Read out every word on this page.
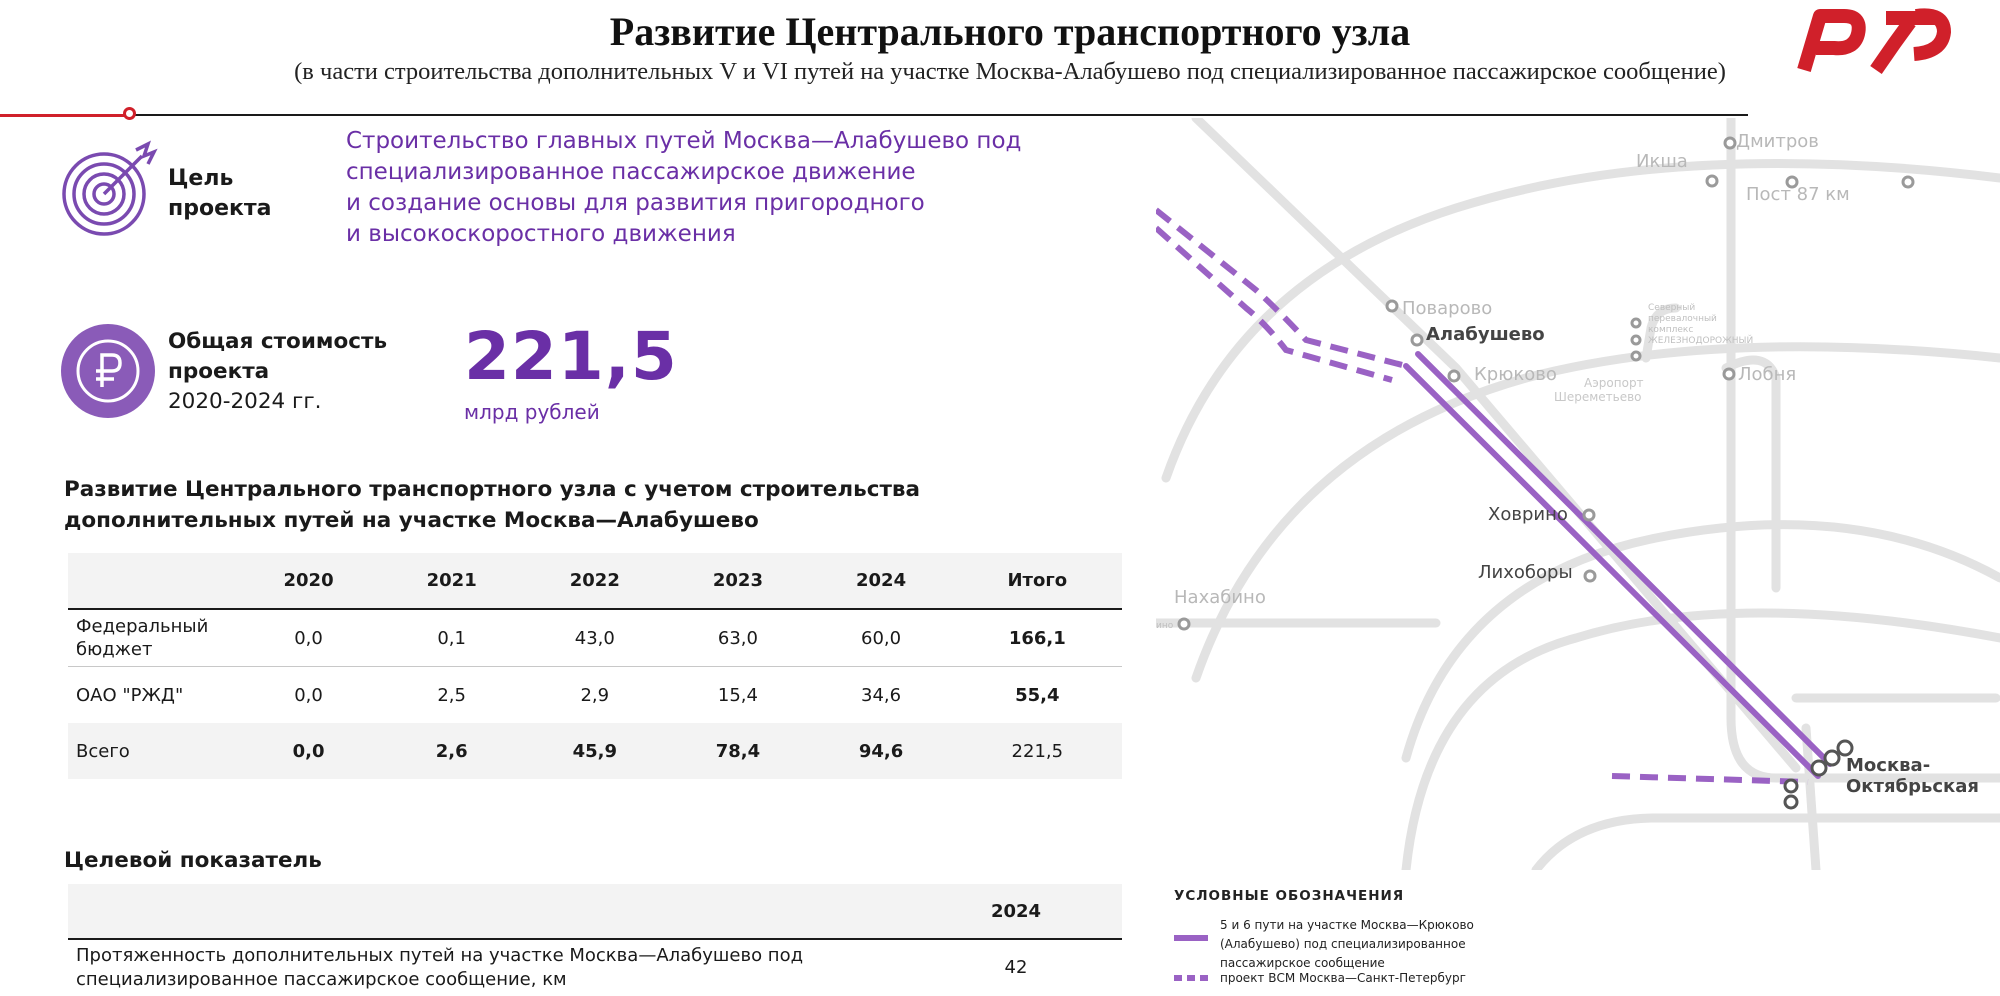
Развитие Центрального транспортного узла
(в части строительства дополнительных V и VI путей на участке Москва-Алабушево под специализированное пассажирское сообщение)
Цель
проекта
Строительство главных путей Москва—Алабушево под
специализированное пассажирское движение
и создание основы для развития пригородного
и высокоскоростного движения
Общая стоимость
проекта
2020-2024 гг.
221,5
млрд рублей
Развитие Центрального транспортного узла с учетом строительства
дополнительных путей на участке Москва—Алабушево
	2020	2021	2022	2023	2024	Итого

Федеральный
бюджет	0,0	0,1	43,0	63,0	60,0	166,1
ОАО "РЖД"	0,0	2,5	2,9	15,4	34,6	55,4
Всего	0,0	2,6	45,9	78,4	94,6	221,5
Целевой показатель
	2024

Протяженность дополнительных путей на участке Москва—Алабушево под
специализированное пассажирское сообщение, км	42
Дмитров
Икша
Пост 87 км
Поварово
Алабушево
Крюково	Лобня
Ховрино
Лихоборы
Нахабино
Москва-
Октябрьская
ино
Северный
перевалочный
комплекс
ЖЕЛЕЗНОДОРОЖНЫЙ
Аэропорт
Шереметьево
УСЛОВНЫЕ ОБОЗНАЧЕНИЯ
5 и 6 пути на участке Москва—Крюково
(Алабушево) под специализированное
пассажирское сообщение
проект ВСМ Москва—Санкт-Петербург
